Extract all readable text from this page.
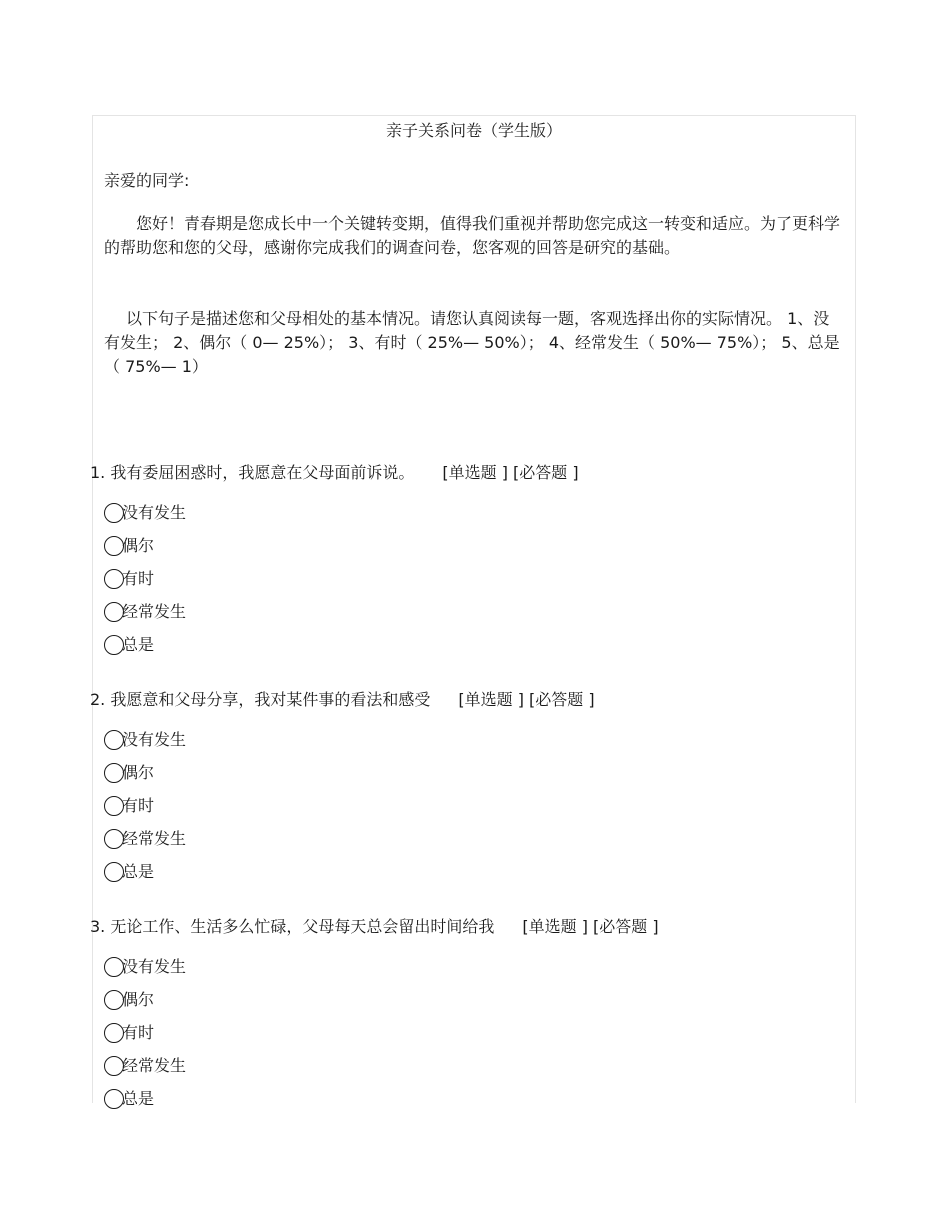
亲子关系问卷（学生版）
亲爱的同学:

您好！青春期是您成长中一个关键转变期，值得我们重视并帮助您完成这一转变和适应。为了更科学的帮助您和您的父母，感谢你完成我们的调查问卷，您客观的回答是研究的基础。

以下句子是描述您和父母相处的基本情况。请您认真阅读每一题，客观选择出你的实际情况。 1、没有发生； 2、偶尔（ 0— 25%）； 3、有时（ 25%— 50%）； 4、经常发生（ 50%— 75%）； 5、总是（ 75%— 1）

1. 我有委屈困惑时，我愿意在父母面前诉说。 [单选题 ] [必答题 ]
没有发生
偶尔
有时
经常发生
总是
2. 我愿意和父母分享，我对某件事的看法和感受 [单选题 ] [必答题 ]
没有发生
偶尔
有时
经常发生
总是
3. 无论工作、生活多么忙碌，父母每天总会留出时间给我 [单选题 ] [必答题 ]
没有发生
偶尔
有时
经常发生
总是
